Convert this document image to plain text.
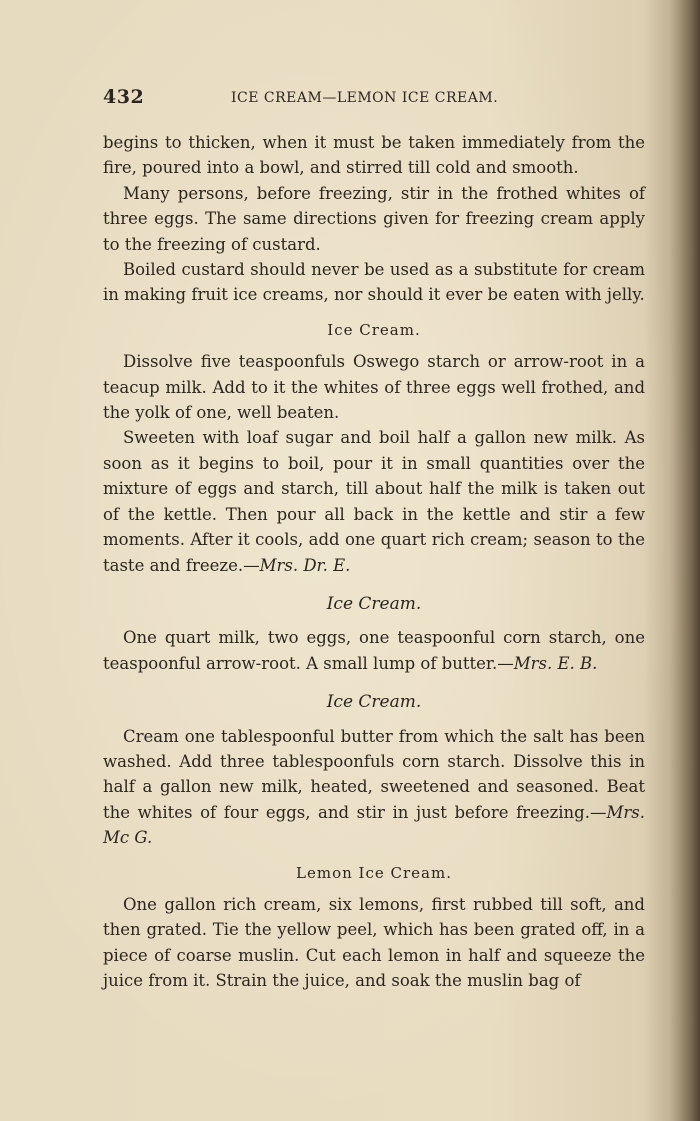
432	ICE CREAM—LEMON ICE CREAM.

begins to thicken, when it must be taken immediately from the fire, poured into a bowl, and stirred till cold and smooth.

Many persons, before freezing, stir in the frothed whites of three eggs. The same directions given for freezing cream apply to the freezing of custard.

Boiled custard should never be used as a substitute for cream in making fruit ice creams, nor should it ever be eaten with jelly.

Ice Cream.

Dissolve five teaspoonfuls Oswego starch or arrow-root in a teacup milk. Add to it the whites of three eggs well frothed, and the yolk of one, well beaten.

Sweeten with loaf sugar and boil half a gallon new milk. As soon as it begins to boil, pour it in small quantities over the mixture of eggs and starch, till about half the milk is taken out of the kettle. Then pour all back in the kettle and stir a few moments. After it cools, add one quart rich cream; season to the taste and freeze.—Mrs. Dr. E.

Ice Cream.

One quart milk, two eggs, one teaspoonful corn starch, one teaspoonful arrow-root. A small lump of butter.—Mrs. E. B.

Ice Cream.

Cream one tablespoonful butter from which the salt has been washed. Add three tablespoonfuls corn starch. Dissolve this in half a gallon new milk, heated, sweetened and seasoned. Beat the whites of four eggs, and stir in just before freezing.—Mrs. Mc G.

Lemon Ice Cream.

One gallon rich cream, six lemons, first rubbed till soft, and then grated. Tie the yellow peel, which has been grated off, in a piece of coarse muslin. Cut each lemon in half and squeeze the juice from it. Strain the juice, and soak the muslin bag of
